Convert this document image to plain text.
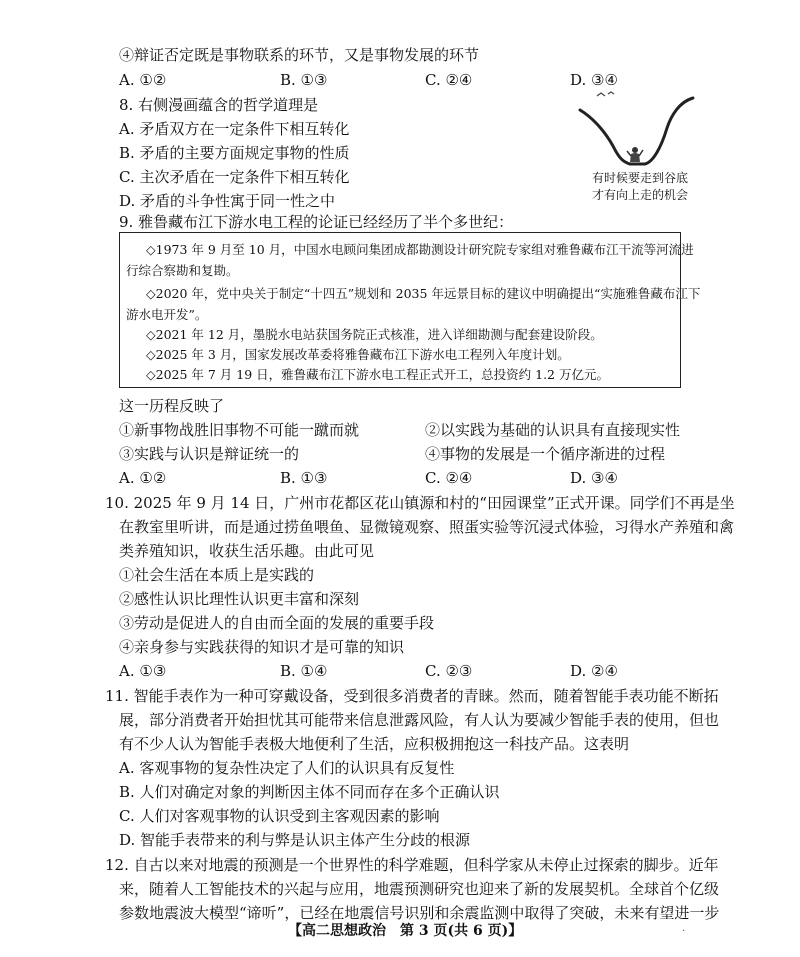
④辩证否定既是事物联系的环节，又是事物发展的环节
A. ①②	B. ①③	C. ②④	D. ③④
8. 右侧漫画蕴含的哲学道理是
A. 矛盾双方在一定条件下相互转化
B. 矛盾的主要方面规定事物的性质
C. 主次矛盾在一定条件下相互转化
D. 矛盾的斗争性寓于同一性之中
有时候要走到谷底
才有向上走的机会
9. 雅鲁藏布江下游水电工程的论证已经经历了半个多世纪：
◇1973 年 9 月至 10 月，中国水电顾问集团成都勘测设计研究院专家组对雅鲁藏布江干流等河流进
行综合察勘和复勘。
◇2020 年，党中央关于制定“十四五”规划和 2035 年远景目标的建议中明确提出“实施雅鲁藏布江下
游水电开发”。
◇2021 年 12 月，墨脱水电站获国务院正式核准，进入详细勘测与配套建设阶段。
◇2025 年 3 月，国家发展改革委将雅鲁藏布江下游水电工程列入年度计划。
◇2025 年 7 月 19 日，雅鲁藏布江下游水电工程正式开工，总投资约 1.2 万亿元。
这一历程反映了
①新事物战胜旧事物不可能一蹴而就	②以实践为基础的认识具有直接现实性
③实践与认识是辩证统一的	④事物的发展是一个循序渐进的过程
A. ①②	B. ①③	C. ②④	D. ③④
10. 2025 年 9 月 14 日，广州市花都区花山镇源和村的“田园课堂”正式开课。同学们不再是坐
在教室里听讲，而是通过捞鱼喂鱼、显微镜观察、照蛋实验等沉浸式体验，习得水产养殖和禽
类养殖知识，收获生活乐趣。由此可见
①社会生活在本质上是实践的
②感性认识比理性认识更丰富和深刻
③劳动是促进人的自由而全面的发展的重要手段
④亲身参与实践获得的知识才是可靠的知识
A. ①③	B. ①④	C. ②③	D. ②④
11. 智能手表作为一种可穿戴设备，受到很多消费者的青睐。然而，随着智能手表功能不断拓
展，部分消费者开始担忧其可能带来信息泄露风险，有人认为要减少智能手表的使用，但也
有不少人认为智能手表极大地便利了生活，应积极拥抱这一科技产品。这表明
A. 客观事物的复杂性决定了人们的认识具有反复性
B. 人们对确定对象的判断因主体不同而存在多个正确认识
C. 人们对客观事物的认识受到主客观因素的影响
D. 智能手表带来的利与弊是认识主体产生分歧的根源
12. 自古以来对地震的预测是一个世界性的科学难题，但科学家从未停止过探索的脚步。近年
来，随着人工智能技术的兴起与应用，地震预测研究也迎来了新的发展契机。全球首个亿级
参数地震波大模型“谛听”，已经在地震信号识别和余震监测中取得了突破，未来有望进一步
【高二思想政治　第 3 页(共 6 页)】	·
